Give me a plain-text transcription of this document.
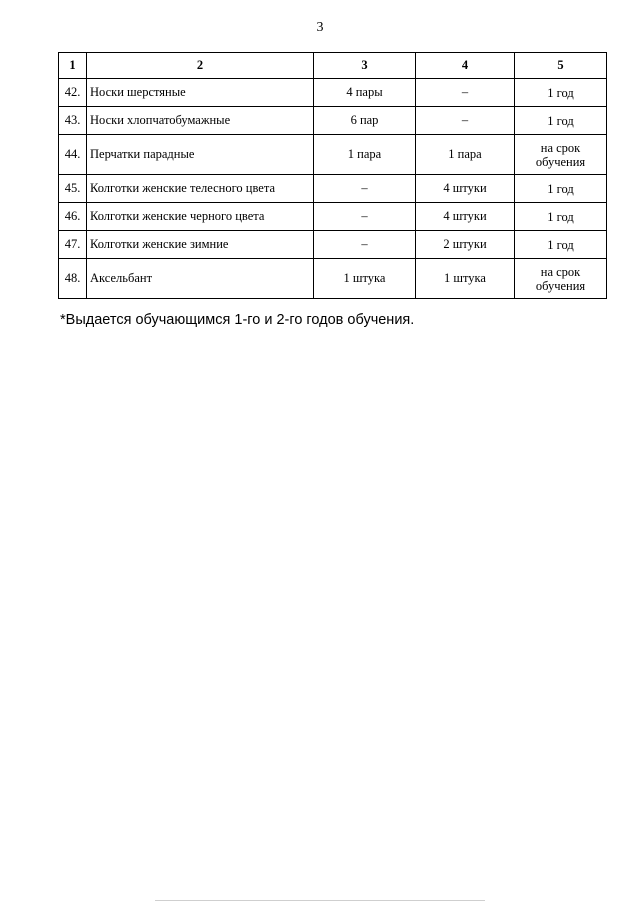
3
1	2	3	4	5
42.	Носки шерстяные	4 пары	–	1 год
43.	Носки хлопчатобумажные	6 пар	–	1 год
44.	Перчатки парадные	1 пара	1 пара	на срок обучения
45.	Колготки женские телесного цвета	–	4 штуки	1 год
46.	Колготки женские черного цвета	–	4 штуки	1 год
47.	Колготки женские зимние	–	2 штуки	1 год
48.	Аксельбант	1 штука	1 штука	на срок обучения
*Выдается обучающимся 1-го и 2-го годов обучения.
